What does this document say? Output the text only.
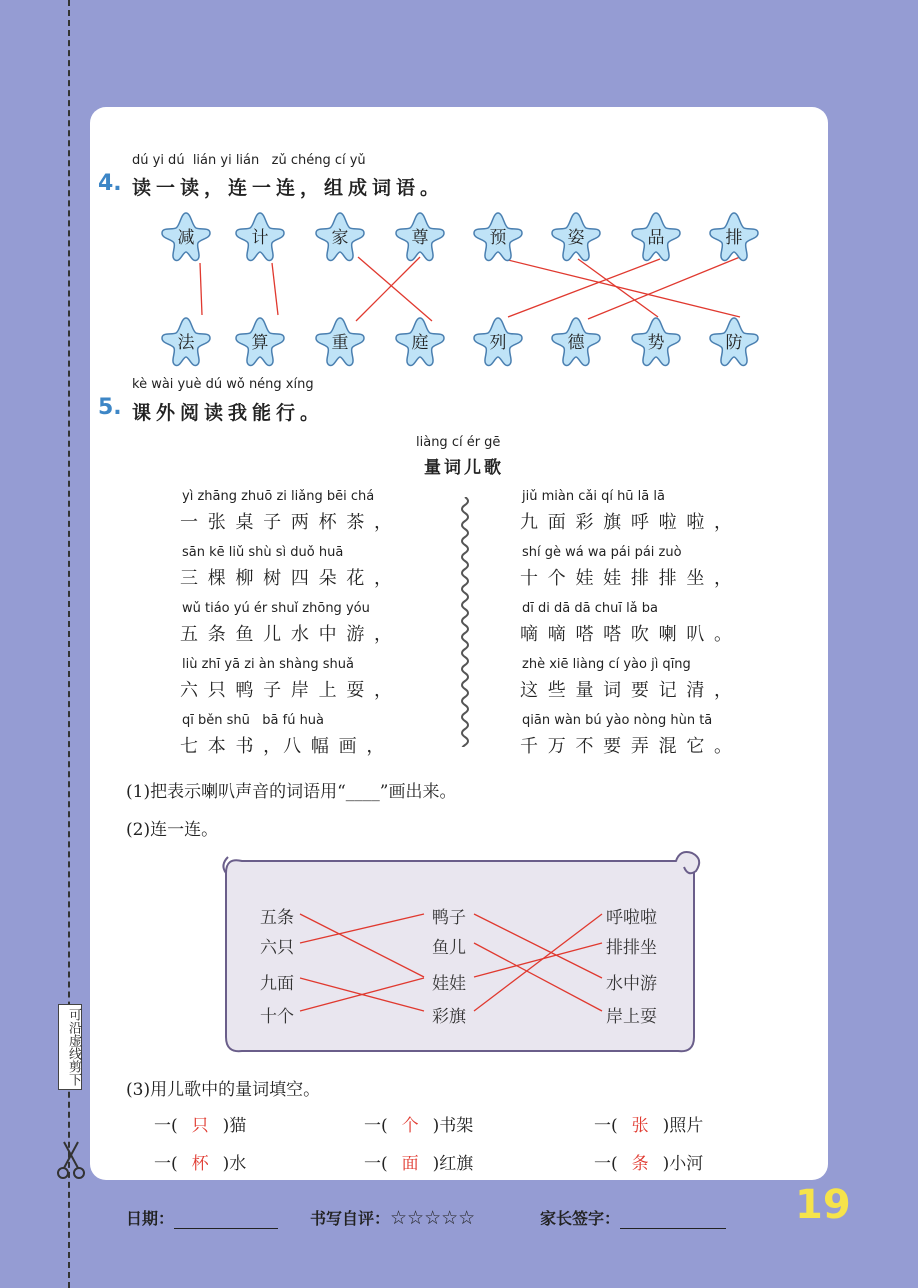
可沿虚线剪下
dú yi dú  lián yi lián   zǔ chéng cí yǔ
4. 读一读，连一连，组成词语。
减	计	家	尊	预	姿	品	排
法	算	重	庭	列	德	势	防
kè wài yuè dú wǒ néng xíng
5. 课外阅读我能行。
liàng cí ér gē
量词儿歌
yì zhāng zhuō zi liǎng bēi chá
一 张 桌 子 两 杯 茶 ，
jiǔ miàn cǎi qí hū lā lā
九 面 彩 旗 呼 啦 啦 ，
sān kē liǔ shù sì duǒ huā
三 棵 柳 树 四 朵 花 ，
shí gè wá wa pái pái zuò
十 个 娃 娃 排 排 坐 ，
wǔ tiáo yú ér shuǐ zhōng yóu
五 条 鱼 儿 水 中 游 ，
dī di dā dā chuī lǎ ba
嘀 嘀 嗒 嗒 吹 喇 叭 。
liù zhī yā zi àn shàng shuǎ
六 只 鸭 子 岸 上 耍 ，
zhè xiē liàng cí yào jì qīng
这 些 量 词 要 记 清 ，
qī běn shū   bā fú huà
七 本 书 ，八 幅 画 ，
qiān wàn bú yào nòng hùn tā
千 万 不 要 弄 混 它 。
(1)把表示喇叭声音的词语用“____”画出来。
(2)连一连。
五条
六只
九面
十个
鸭子
鱼儿
娃娃
彩旗
呼啦啦
排排坐
水中游
岸上耍
(3)用儿歌中的量词填空。
一( 只 )猫	一( 个 )书架	一( 张 )照片
一( 杯 )水	一( 面 )红旗	一( 条 )小河
日期：	书写自评：☆☆☆☆☆	家长签字：	19
